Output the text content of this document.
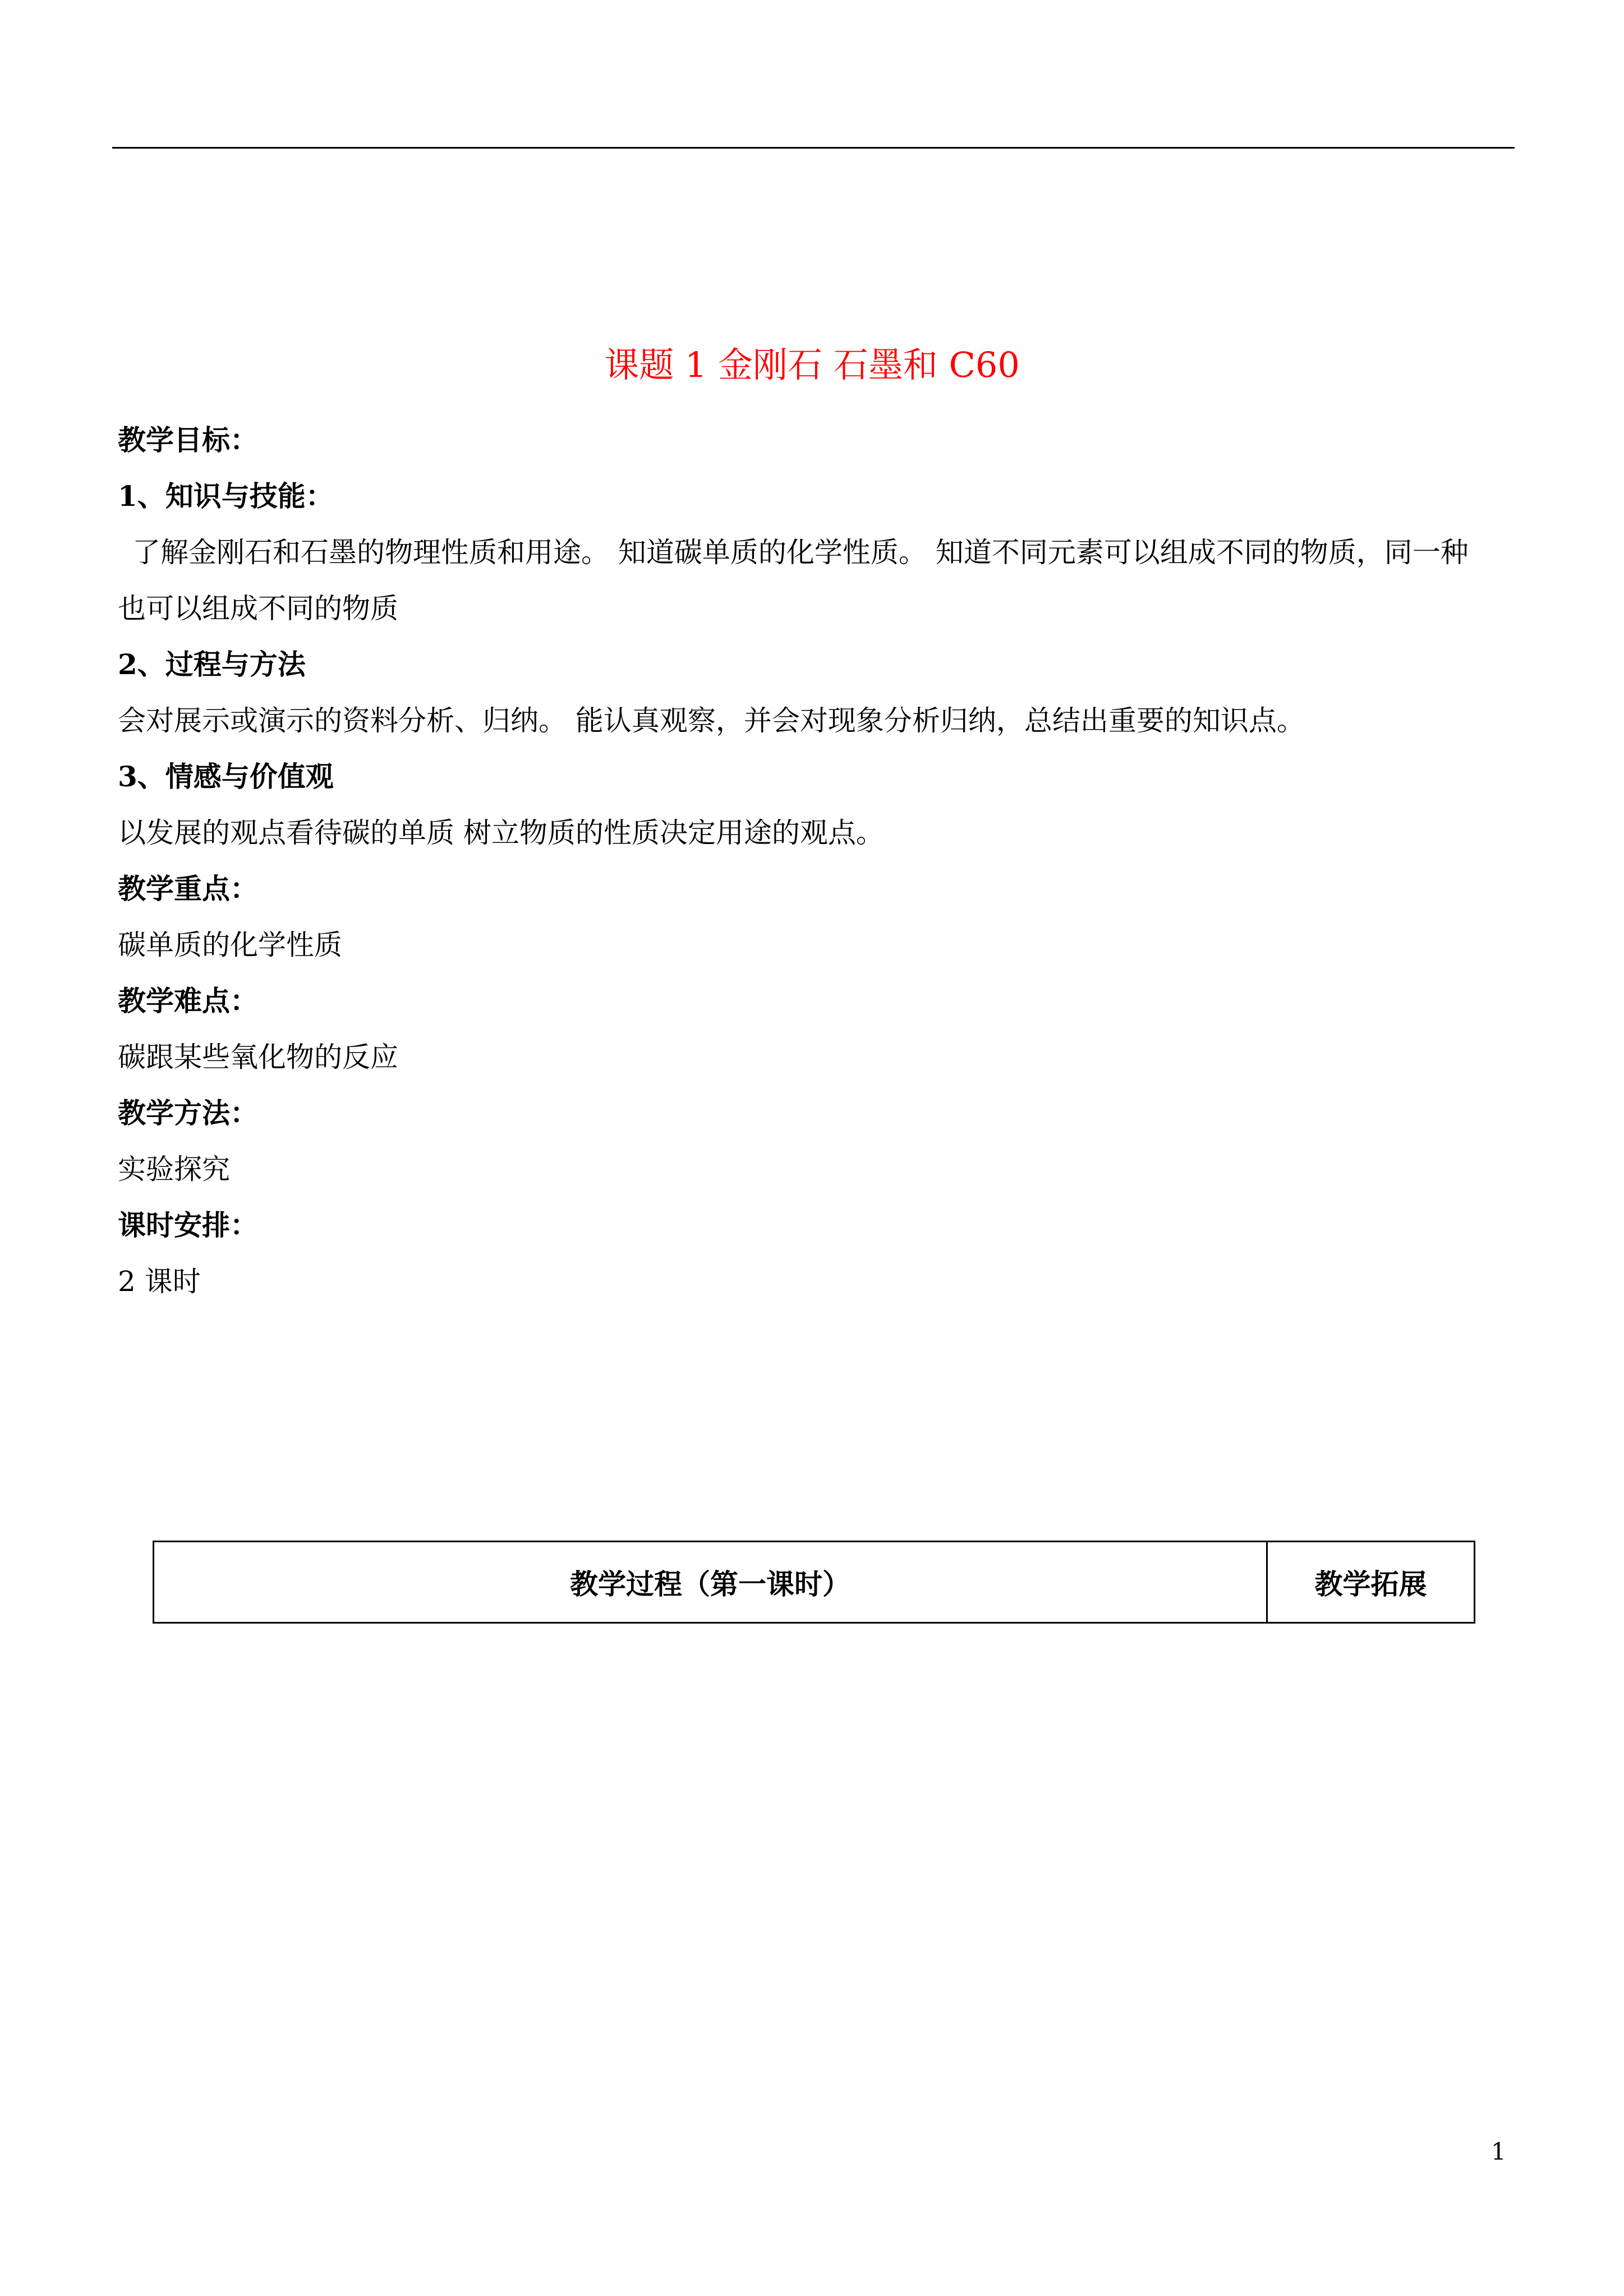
课题 1 金刚石 石墨和 C60
教学目标：
1、知识与技能：
了解金刚石和石墨的物理性质和用途。 知道碳单质的化学性质。 知道不同元素可以组成不同的物质，同一种
也可以组成不同的物质
2、过程与方法
会对展示或演示的资料分析、归纳。 能认真观察，并会对现象分析归纳，总结出重要的知识点。
3、情感与价值观
以发展的观点看待碳的单质 树立物质的性质决定用途的观点。
教学重点：
碳单质的化学性质
教学难点：
碳跟某些氧化物的反应
教学方法：
实验探究
课时安排：
2 课时
教学过程（第一课时）	教学拓展
1
